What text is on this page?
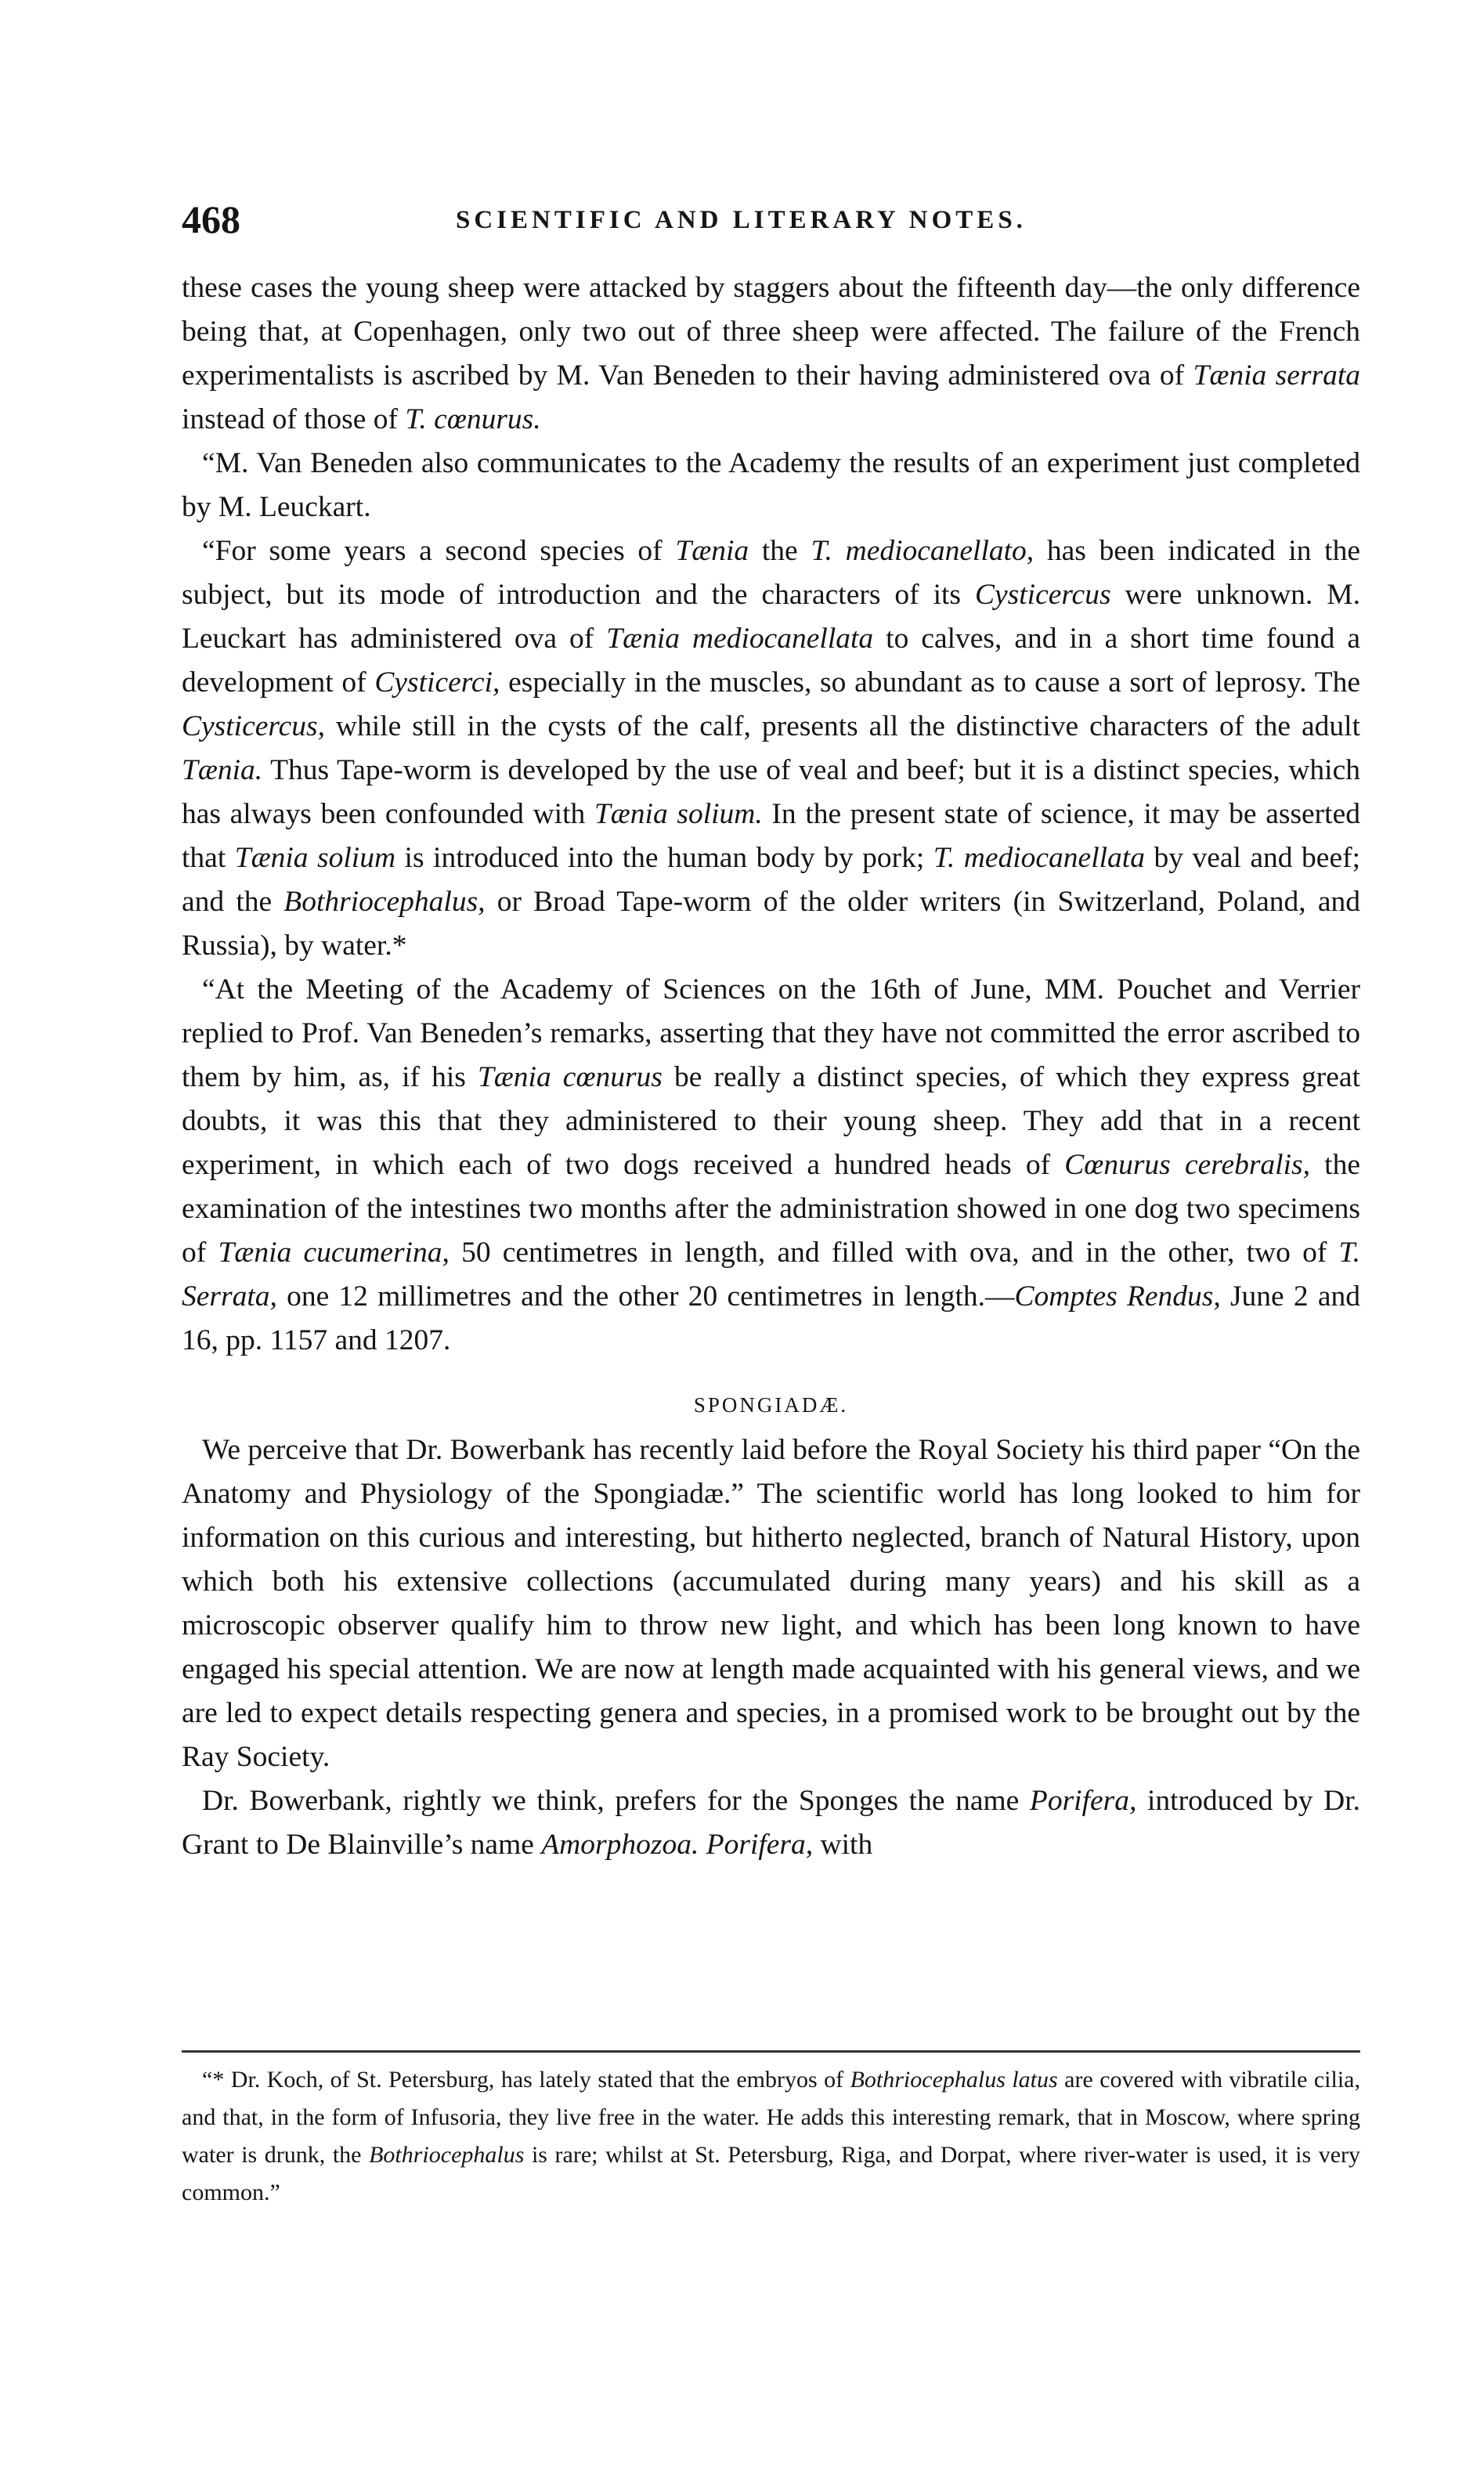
468	SCIENTIFIC AND LITERARY NOTES.

these cases the young sheep were attacked by staggers about the fifteenth day—the only difference being that, at Copenhagen, only two out of three sheep were affected. The failure of the French experimentalists is ascribed by M. Van Beneden to their having administered ova of Tænia serrata instead of those of T. cœnurus.

“M. Van Beneden also communicates to the Academy the results of an experiment just completed by M. Leuckart.

“For some years a second species of Tænia the T. mediocanellato, has been indicated in the subject, but its mode of introduction and the characters of its Cysticercus were unknown. M. Leuckart has administered ova of Tænia mediocanellata to calves, and in a short time found a development of Cysticerci, especially in the muscles, so abundant as to cause a sort of leprosy. The Cysticercus, while still in the cysts of the calf, presents all the distinctive characters of the adult Tænia. Thus Tape-worm is developed by the use of veal and beef; but it is a distinct species, which has always been confounded with Tænia solium. In the present state of science, it may be asserted that Tænia solium is introduced into the human body by pork; T. mediocanellata by veal and beef; and the Bothriocephalus, or Broad Tape-worm of the older writers (in Switzerland, Poland, and Russia), by water.*

“At the Meeting of the Academy of Sciences on the 16th of June, MM. Pouchet and Verrier replied to Prof. Van Beneden’s remarks, asserting that they have not committed the error ascribed to them by him, as, if his Tænia cœnurus be really a distinct species, of which they express great doubts, it was this that they administered to their young sheep. They add that in a recent experiment, in which each of two dogs received a hundred heads of Cœnurus cerebralis, the examination of the intestines two months after the administration showed in one dog two specimens of Tænia cucumerina, 50 centimetres in length, and filled with ova, and in the other, two of T. Serrata, one 12 millimetres and the other 20 centimetres in length.—Comptes Rendus, June 2 and 16, pp. 1157 and 1207.

SPONGIADÆ.

We perceive that Dr. Bowerbank has recently laid before the Royal Society his third paper “On the Anatomy and Physiology of the Spongiadæ.” The scientific world has long looked to him for information on this curious and interesting, but hitherto neglected, branch of Natural History, upon which both his extensive collections (accumulated during many years) and his skill as a microscopic observer qualify him to throw new light, and which has been long known to have engaged his special attention. We are now at length made acquainted with his general views, and we are led to expect details respecting genera and species, in a promised work to be brought out by the Ray Society.

Dr. Bowerbank, rightly we think, prefers for the Sponges the name Porifera, introduced by Dr. Grant to De Blainville’s name Amorphozoa. Porifera, with

“* Dr. Koch, of St. Petersburg, has lately stated that the embryos of Bothriocephalus latus are covered with vibratile cilia, and that, in the form of Infusoria, they live free in the water. He adds this interesting remark, that in Moscow, where spring water is drunk, the Bothriocephalus is rare; whilst at St. Petersburg, Riga, and Dorpat, where river-water is used, it is very common.”
